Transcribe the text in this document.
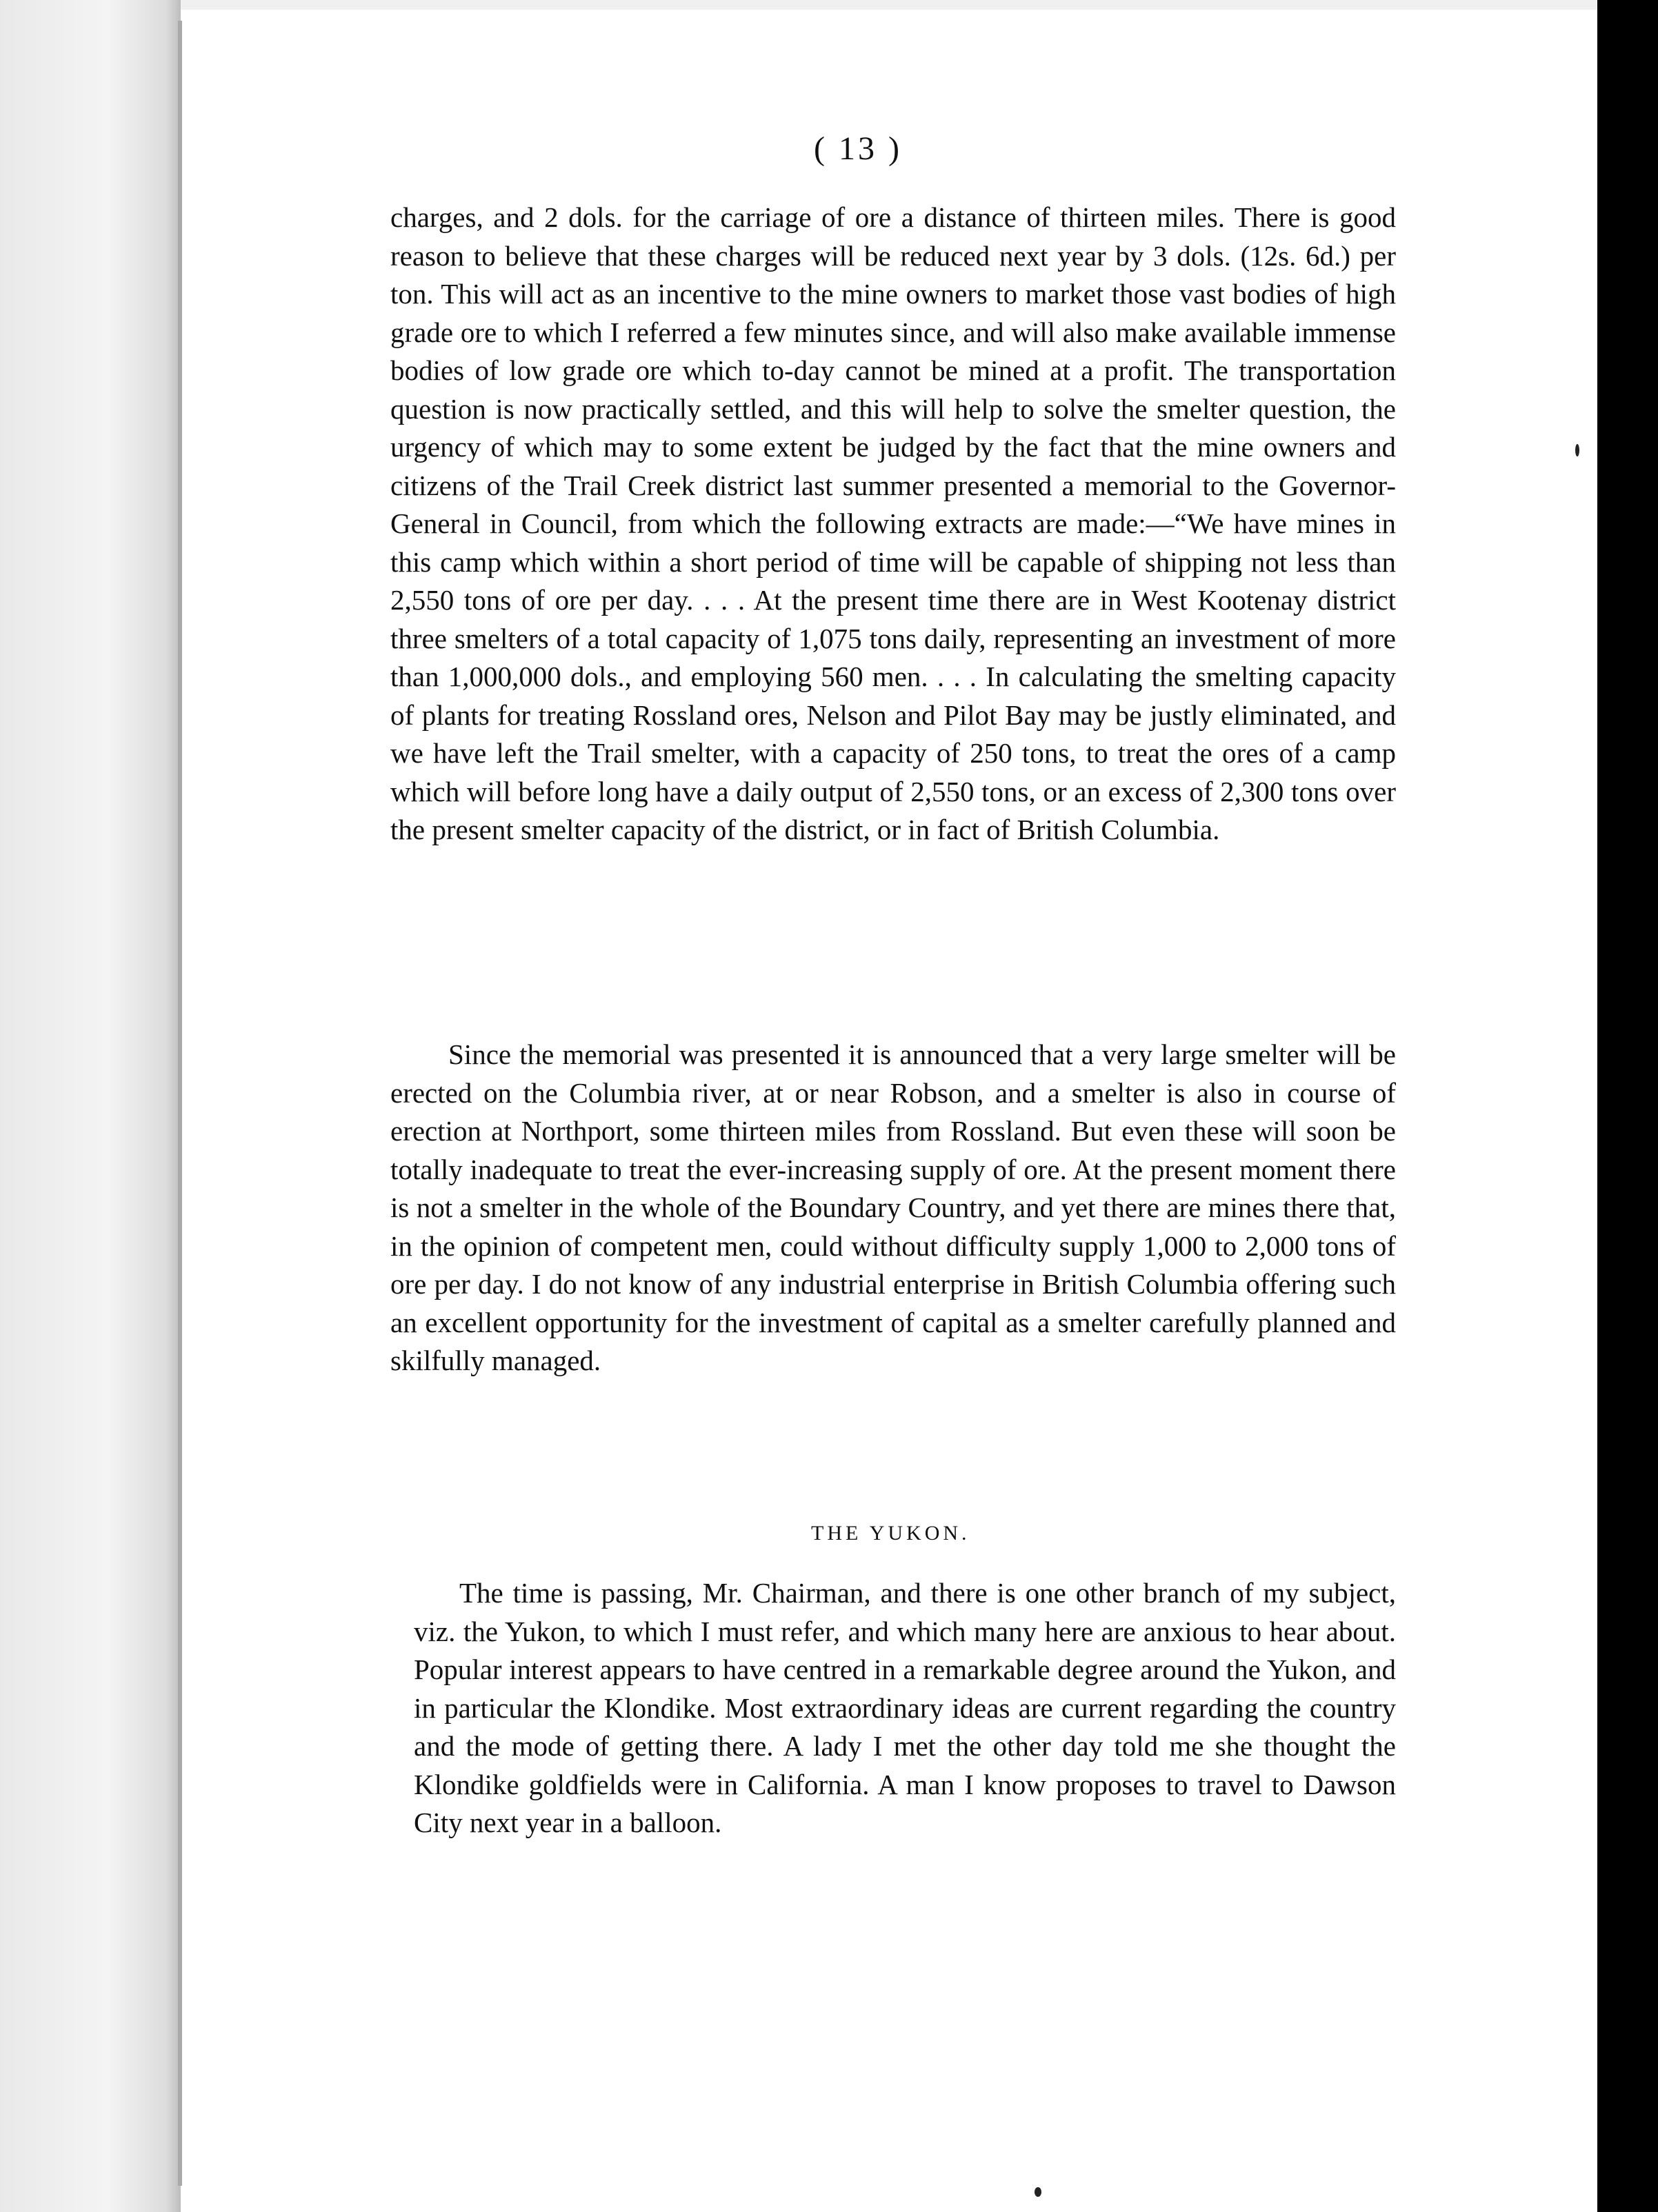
( 13 )

charges, and 2 dols. for the carriage of ore a distance of thirteen miles. There is good reason to believe that these charges will be reduced next year by 3 dols. (12s. 6d.) per ton. This will act as an incentive to the mine owners to market those vast bodies of high grade ore to which I referred a few minutes since, and will also make available immense bodies of low grade ore which to-day cannot be mined at a profit. The transportation question is now practically settled, and this will help to solve the smelter question, the urgency of which may to some extent be judged by the fact that the mine owners and citizens of the Trail Creek district last summer presented a memorial to the Governor-General in Council, from which the following extracts are made:—“We have mines in this camp which within a short period of time will be capable of shipping not less than 2,550 tons of ore per day. . . . At the present time there are in West Kootenay district three smelters of a total capacity of 1,075 tons daily, representing an investment of more than 1,000,000 dols., and employing 560 men. . . . In calculating the smelting capacity of plants for treating Rossland ores, Nelson and Pilot Bay may be justly eliminated, and we have left the Trail smelter, with a capacity of 250 tons, to treat the ores of a camp which will before long have a daily output of 2,550 tons, or an excess of 2,300 tons over the present smelter capacity of the district, or in fact of British Columbia.

Since the memorial was presented it is announced that a very large smelter will be erected on the Columbia river, at or near Robson, and a smelter is also in course of erection at Northport, some thirteen miles from Rossland. But even these will soon be totally inadequate to treat the ever-increasing supply of ore. At the present moment there is not a smelter in the whole of the Boundary Country, and yet there are mines there that, in the opinion of competent men, could without difficulty supply 1,000 to 2,000 tons of ore per day. I do not know of any industrial enterprise in British Columbia offering such an excellent opportunity for the investment of capital as a smelter carefully planned and skilfully managed.

THE YUKON.

The time is passing, Mr. Chairman, and there is one other branch of my subject, viz. the Yukon, to which I must refer, and which many here are anxious to hear about. Popular interest appears to have centred in a remarkable degree around the Yukon, and in particular the Klondike. Most extraordinary ideas are current regarding the country and the mode of getting there. A lady I met the other day told me she thought the Klondike goldfields were in California. A man I know proposes to travel to Dawson City next year in a balloon.
